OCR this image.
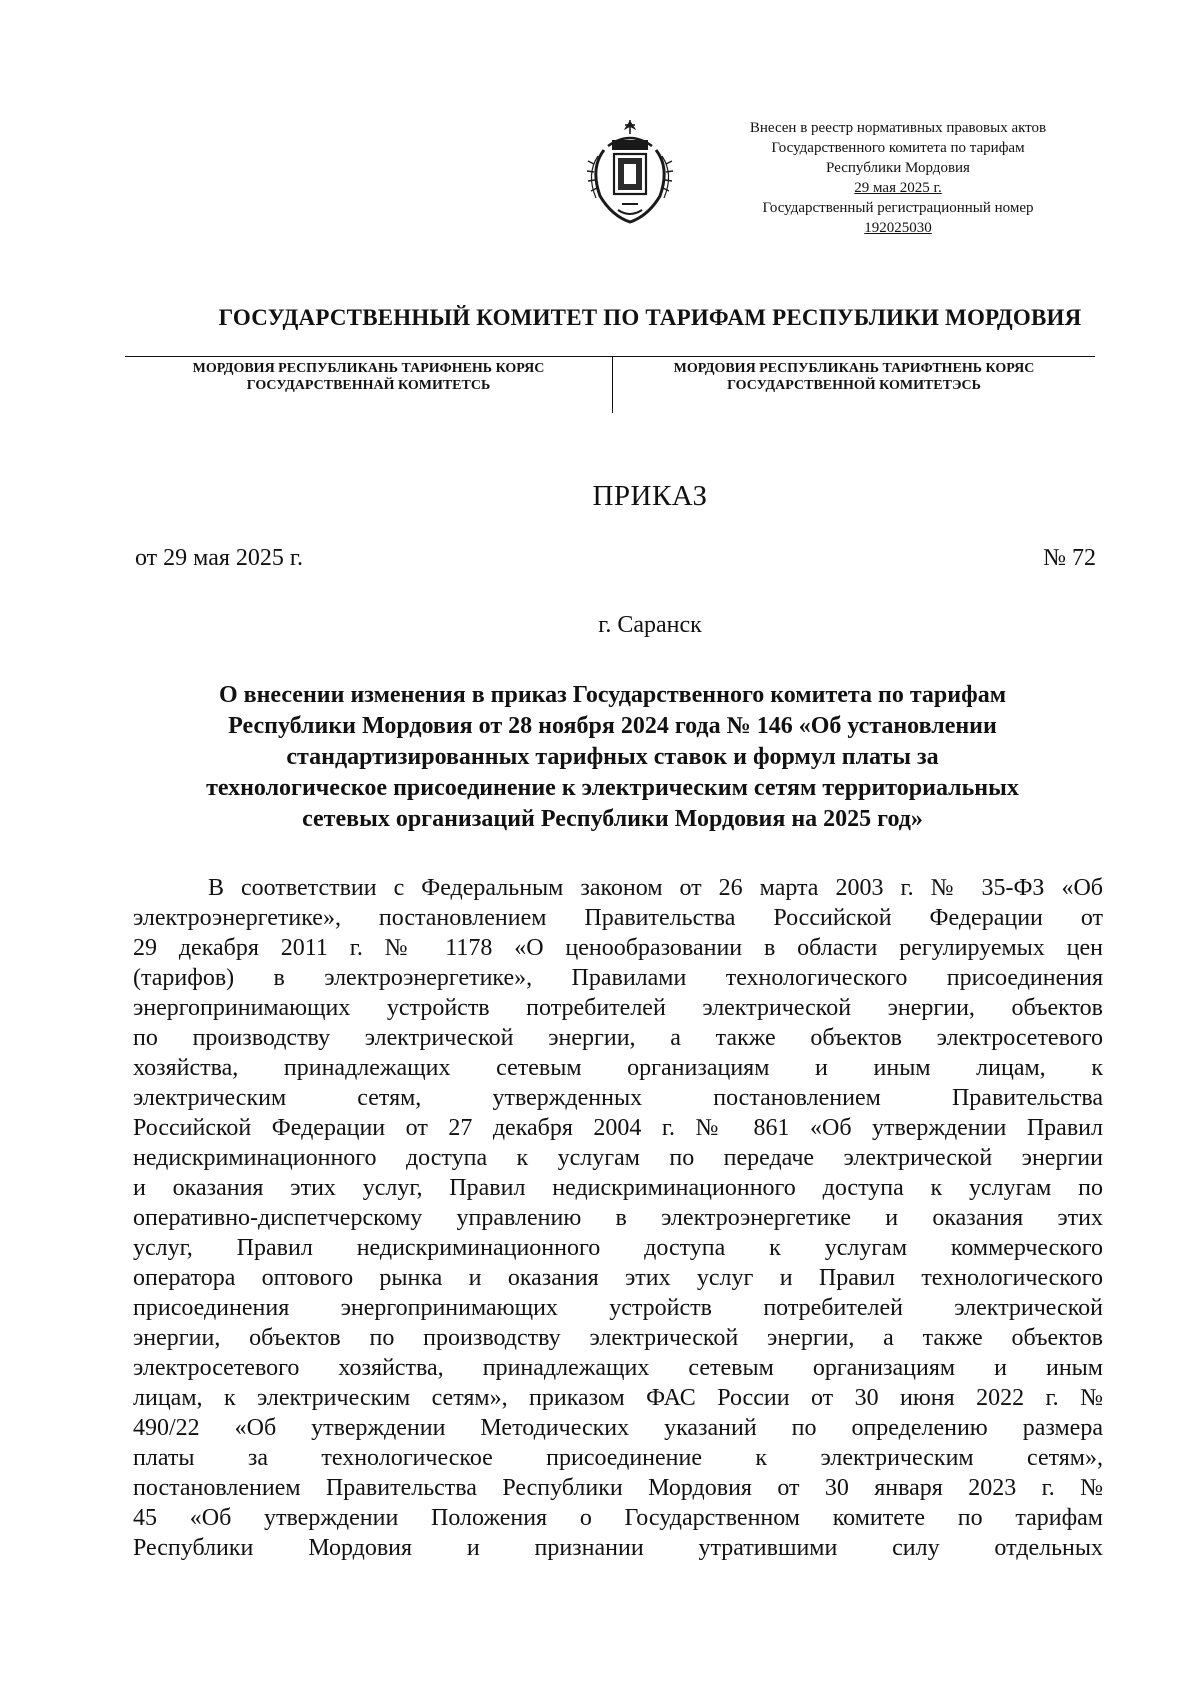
Внесен в реестр нормативных правовых актов
Государственного комитета по тарифам
Республики Мордовия
29 мая 2025 г.
Государственный регистрационный номер
192025030
ГОСУДАРСТВЕННЫЙ КОМИТЕТ ПО ТАРИФАМ РЕСПУБЛИКИ МОРДОВИЯ
МОРДОВИЯ РЕСПУБЛИКАНЬ ТАРИФНЕНЬ КОРЯС
ГОСУДАРСТВЕННАЙ КОМИТЕТСЬ
МОРДОВИЯ РЕСПУБЛИКАНЬ ТАРИФТНЕНЬ КОРЯС
ГОСУДАРСТВЕННОЙ КОМИТЕТЭСЬ
ПРИКАЗ
от 29 мая 2025 г.	№ 72
г. Саранск
О внесении изменения в приказ Государственного комитета по тарифам
Республики Мордовия от 28 ноября 2024 года № 146 «Об установлении
стандартизированных тарифных ставок и формул платы за
технологическое присоединение к электрическим сетям территориальных
сетевых организаций Республики Мордовия на 2025 год»
В соответствии с Федеральным законом от 26 марта 2003 г. № 35-ФЗ «Об
электроэнергетике», постановлением Правительства Российской Федерации от
29 декабря 2011 г. № 1178 «О ценообразовании в области регулируемых цен
(тарифов) в электроэнергетике», Правилами технологического присоединения
энергопринимающих устройств потребителей электрической энергии, объектов
по производству электрической энергии, а также объектов электросетевого
хозяйства, принадлежащих сетевым организациям и иным лицам, к
электрическим сетям, утвержденных постановлением Правительства
Российской Федерации от 27 декабря 2004 г. № 861 «Об утверждении Правил
недискриминационного доступа к услугам по передаче электрической энергии
и оказания этих услуг, Правил недискриминационного доступа к услугам по
оперативно-диспетчерскому управлению в электроэнергетике и оказания этих
услуг, Правил недискриминационного доступа к услугам коммерческого
оператора оптового рынка и оказания этих услуг и Правил технологического
присоединения энергопринимающих устройств потребителей электрической
энергии, объектов по производству электрической энергии, а также объектов
электросетевого хозяйства, принадлежащих сетевым организациям и иным
лицам, к электрическим сетям», приказом ФАС России от 30 июня 2022 г. №
490/22 «Об утверждении Методических указаний по определению размера
платы за технологическое присоединение к электрическим сетям»,
постановлением Правительства Республики Мордовия от 30 января 2023 г. №
45 «Об утверждении Положения о Государственном комитете по тарифам
Республики Мордовия и признании утратившими силу отдельных
